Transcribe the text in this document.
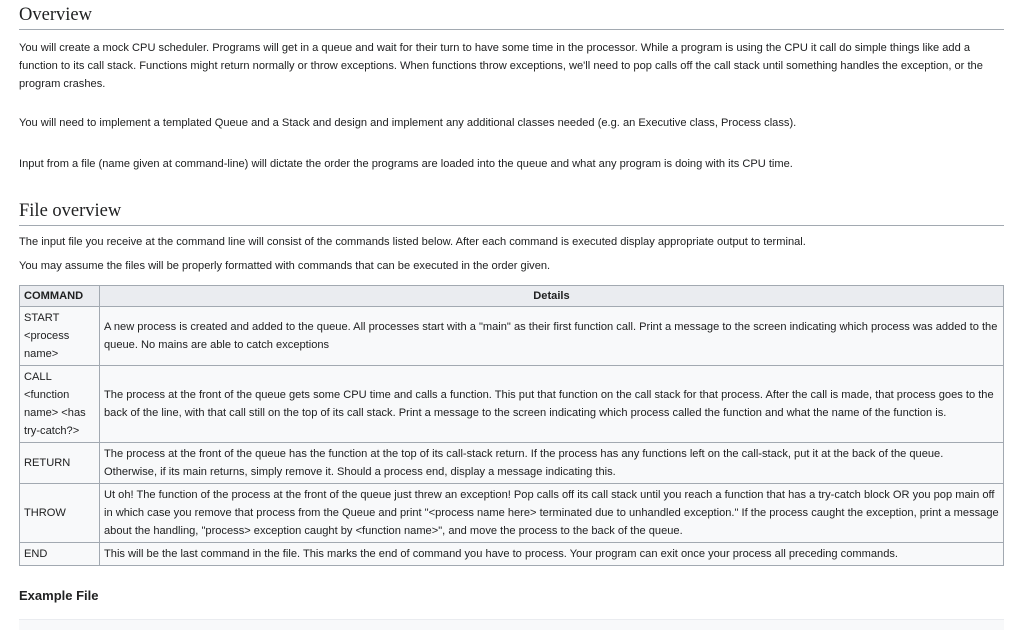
Overview

You will create a mock CPU scheduler. Programs will get in a queue and wait for their turn to have some time in the processor. While a program is using the CPU it call do simple things like add a function to its call stack. Functions might return normally or throw exceptions. When functions throw exceptions, we'll need to pop calls off the call stack until something handles the exception, or the program crashes.

You will need to implement a templated Queue and a Stack and design and implement any additional classes needed (e.g. an Executive class, Process class).

Input from a file (name given at command-line) will dictate the order the programs are loaded into the queue and what any program is doing with its CPU time.

File overview

The input file you receive at the command line will consist of the commands listed below. After each command is executed display appropriate output to terminal.

You may assume the files will be properly formatted with commands that can be executed in the order given.

COMMAND	Details
START <process name>	A new process is created and added to the queue. All processes start with a "main" as their first function call. Print a message to the screen indicating which process was added to the queue. No mains are able to catch exceptions
CALL <function name> <has try-catch?>	The process at the front of the queue gets some CPU time and calls a function. This put that function on the call stack for that process. After the call is made, that process goes to the back of the line, with that call still on the top of its call stack. Print a message to the screen indicating which process called the function and what the name of the function is.
RETURN	The process at the front of the queue has the function at the top of its call-stack return. If the process has any functions left on the call-stack, put it at the back of the queue. Otherwise, if its main returns, simply remove it. Should a process end, display a message indicating this.
THROW	Ut oh! The function of the process at the front of the queue just threw an exception! Pop calls off its call stack until you reach a function that has a try-catch block OR you pop main off in which case you remove that process from the Queue and print "<process name here> terminated due to unhandled exception." If the process caught the exception, print a message about the handling, "process> exception caught by <function name>", and move the process to the back of the queue.
END	This will be the last command in the file. This marks the end of command you have to process. Your program can exit once your process all preceding commands.
Example File
